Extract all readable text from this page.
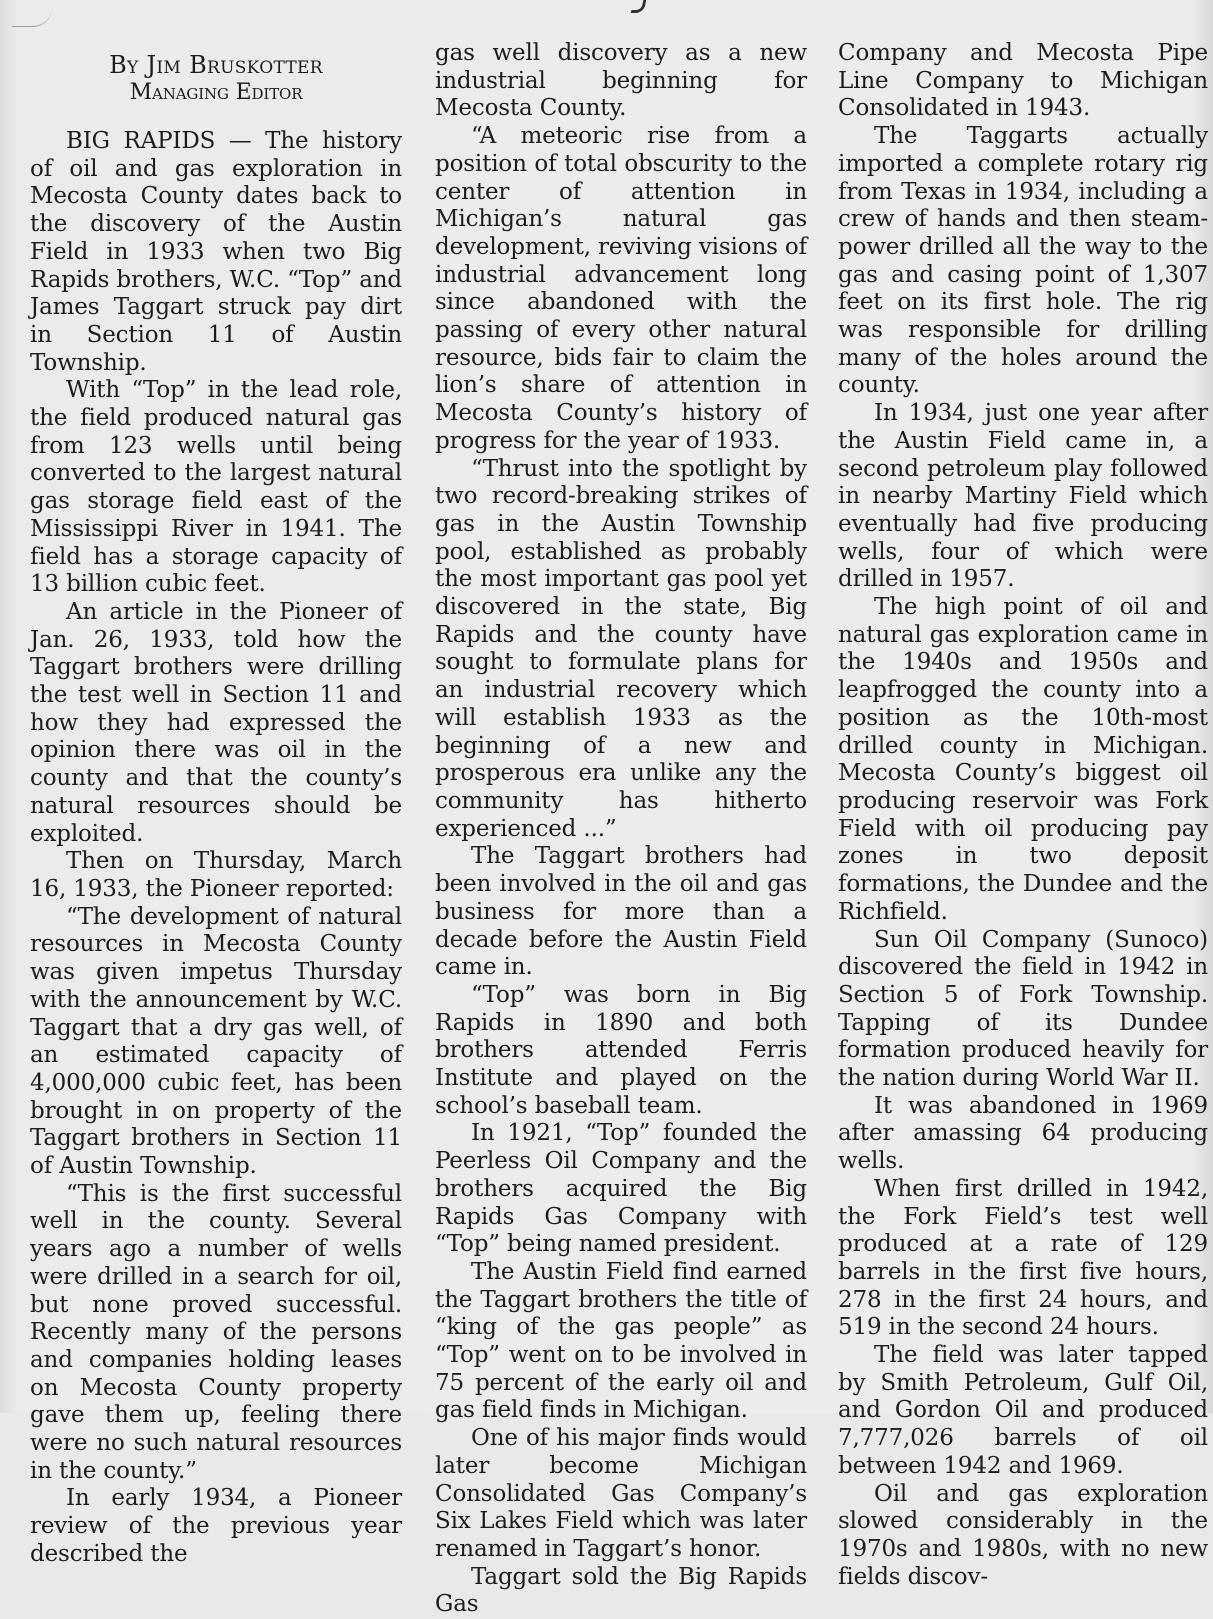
By Jim Bruskotter
Managing Editor

BIG RAPIDS — The history of oil and gas exploration in Mecosta County dates back to the discovery of the Austin Field in 1933 when two Big Rapids brothers, W.C. “Top” and James Taggart struck pay dirt in Section 11 of Austin Township.

With “Top” in the lead role, the field produced natural gas from 123 wells until being converted to the largest natural gas storage field east of the Mississippi River in 1941. The field has a storage capacity of 13 billion cubic feet.

An article in the Pioneer of Jan. 26, 1933, told how the Taggart brothers were drilling the test well in Section 11 and how they had expressed the opinion there was oil in the county and that the county’s natural resources should be exploited.

Then on Thursday, March 16, 1933, the Pioneer reported:

“The development of natural resources in Mecosta County was given impetus Thursday with the announcement by W.C. Taggart that a dry gas well, of an estimated capacity of 4,000,000 cubic feet, has been brought in on property of the Taggart brothers in Section 11 of Austin Township.

“This is the first successful well in the county. Several years ago a number of wells were drilled in a search for oil, but none proved successful. Recently many of the persons and companies holding leases on Mecosta County property gave them up, feeling there were no such natural resources in the county.”

In early 1934, a Pioneer review of the previous year described the

gas well discovery as a new industrial beginning for Mecosta County.

“A meteoric rise from a position of total obscurity to the center of attention in Michigan’s natural gas development, reviving visions of industrial advancement long since abandoned with the passing of every other natural resource, bids fair to claim the lion’s share of attention in Mecosta County’s history of progress for the year of 1933.

“Thrust into the spotlight by two record-breaking strikes of gas in the Austin Township pool, established as probably the most important gas pool yet discovered in the state, Big Rapids and the county have sought to formulate plans for an industrial recovery which will establish 1933 as the beginning of a new and prosperous era unlike any the community has hitherto experienced ...”

The Taggart brothers had been involved in the oil and gas business for more than a decade before the Austin Field came in.

“Top” was born in Big Rapids in 1890 and both brothers attended Ferris Institute and played on the school’s baseball team.

In 1921, “Top” founded the Peerless Oil Company and the brothers acquired the Big Rapids Gas Company with “Top” being named president.

The Austin Field find earned the Taggart brothers the title of “king of the gas people” as “Top” went on to be involved in 75 percent of the early oil and gas field finds in Michigan.

One of his major finds would later become Michigan Consolidated Gas Company’s Six Lakes Field which was later renamed in Taggart’s honor.

Taggart sold the Big Rapids Gas

Company and Mecosta Pipe Line Company to Michigan Consolidated in 1943.

The Taggarts actually imported a complete rotary rig from Texas in 1934, including a crew of hands and then steam-power drilled all the way to the gas and casing point of 1,307 feet on its first hole. The rig was responsible for drilling many of the holes around the county.

In 1934, just one year after the Austin Field came in, a second petroleum play followed in nearby Martiny Field which eventually had five producing wells, four of which were drilled in 1957.

The high point of oil and natural gas exploration came in the 1940s and 1950s and leapfrogged the county into a position as the 10th-most drilled county in Michigan. Mecosta County’s biggest oil producing reservoir was Fork Field with oil producing pay zones in two deposit formations, the Dundee and the Richfield.

Sun Oil Company (Sunoco) discovered the field in 1942 in Section 5 of Fork Township. Tapping of its Dundee formation produced heavily for the nation during World War II.

It was abandoned in 1969 after amassing 64 producing wells.

When first drilled in 1942, the Fork Field’s test well produced at a rate of 129 barrels in the first five hours, 278 in the first 24 hours, and 519 in the second 24 hours.

The field was later tapped by Smith Petroleum, Gulf Oil, and Gordon Oil and produced 7,777,026 barrels of oil between 1942 and 1969.

Oil and gas exploration slowed considerably in the 1970s and 1980s, with no new fields discov-
